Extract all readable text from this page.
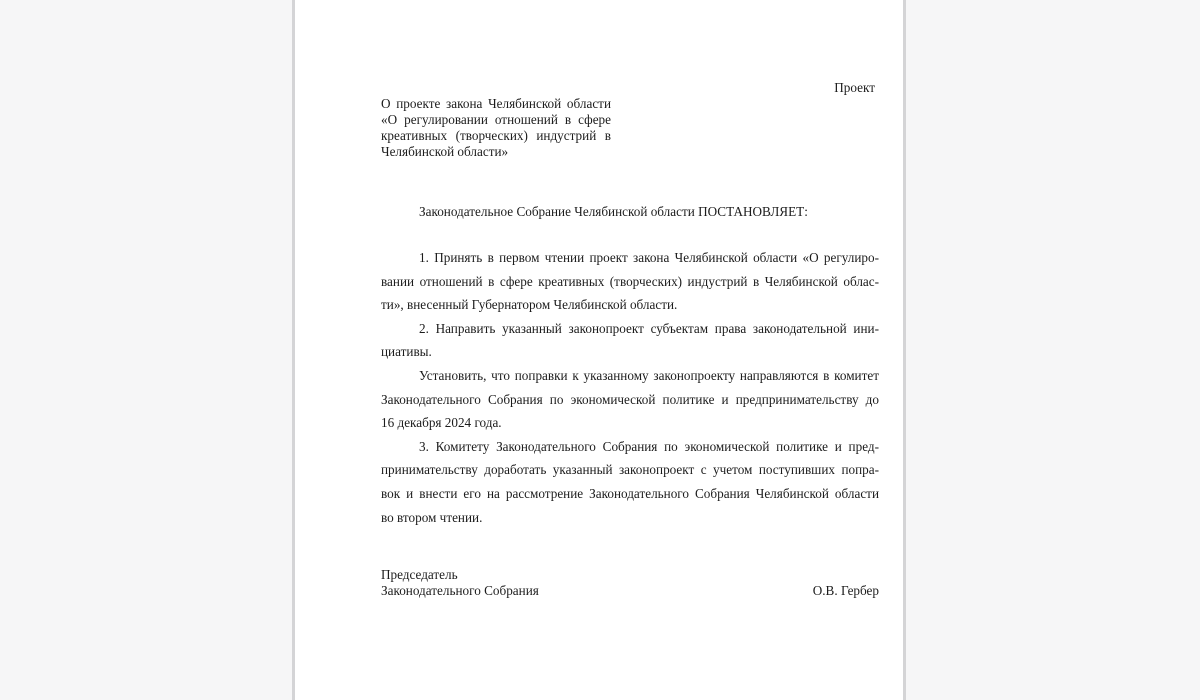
Проект
О проекте закона Челябинской области
«О регулировании отношений в сфере
креативных (творческих) индустрий в
Челябинской области»
Законодательное Собрание Челябинской области ПОСТАНОВЛЯЕТ:
1. Принять в первом чтении проект закона Челябинской области «О регулиро-
вании отношений в сфере креативных (творческих) индустрий в Челябинской облас-
ти», внесенный Губернатором Челябинской области.
2. Направить указанный законопроект субъектам права законодательной ини-
циативы.
Установить, что поправки к указанному законопроекту направляются в комитет
Законодательного Собрания по экономической политике и предпринимательству до
16 декабря 2024 года.
3. Комитету Законодательного Собрания по экономической политике и пред-
принимательству доработать указанный законопроект с учетом поступивших попра-
вок и внести его на рассмотрение Законодательного Собрания Челябинской области
во втором чтении.
Председатель
Законодательного Собрания	О.В. Гербер
